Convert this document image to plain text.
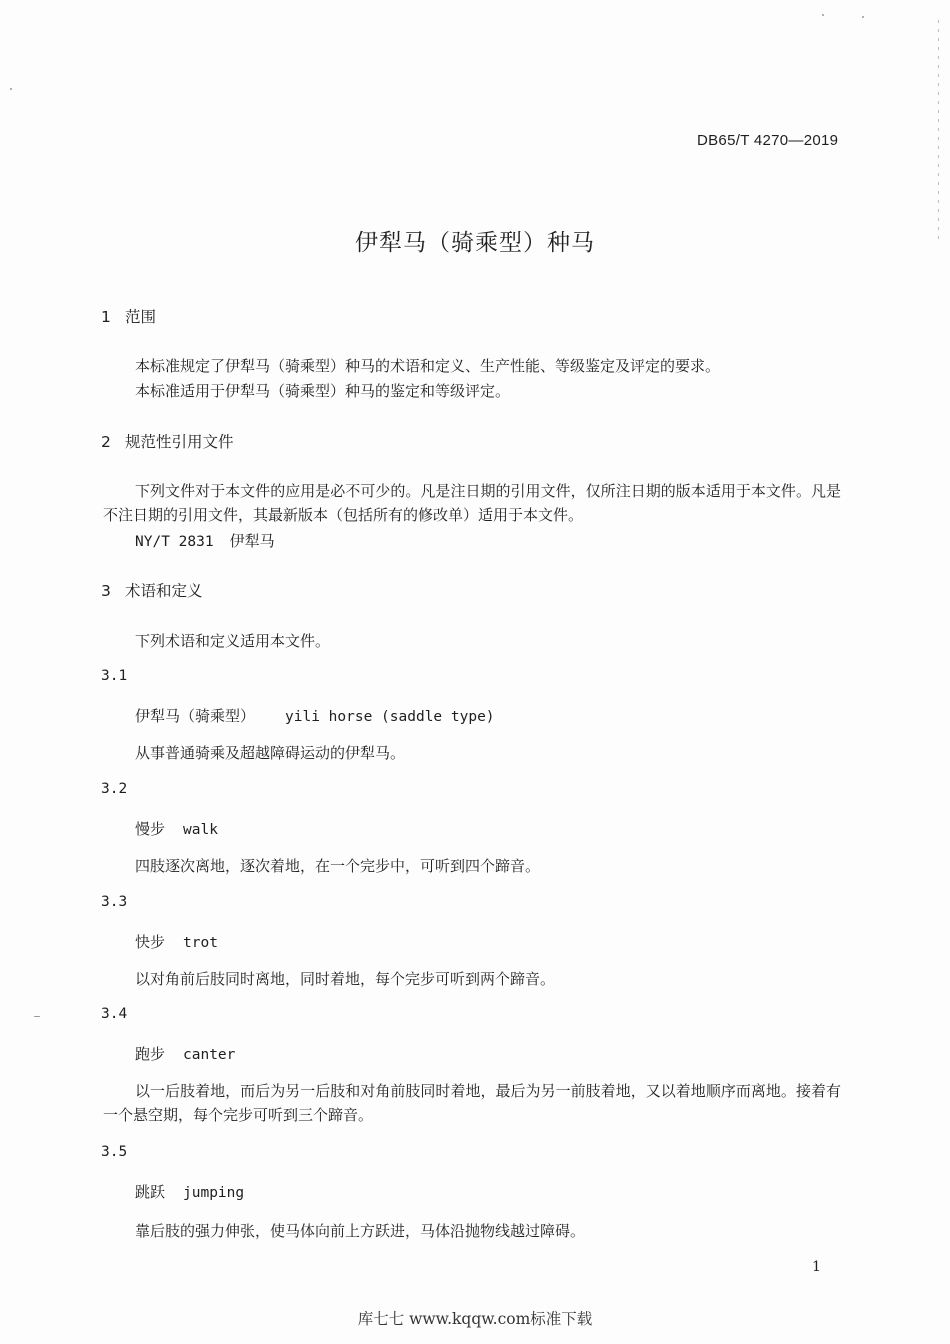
DB65/T 4270—2019
伊犁马（骑乘型）种马
1 范围
本标准规定了伊犁马（骑乘型）种马的术语和定义、生产性能、等级鉴定及评定的要求。
本标准适用于伊犁马（骑乘型）种马的鉴定和等级评定。
2 规范性引用文件
下列文件对于本文件的应用是必不可少的。凡是注日期的引用文件，仅所注日期的版本适用于本文件。凡是不注日期的引用文件，其最新版本（包括所有的修改单）适用于本文件。
NY/T 2831 伊犁马
3 术语和定义
下列术语和定义适用本文件。
3.1
伊犁马（骑乘型） yili horse (saddle type)
从事普通骑乘及超越障碍运动的伊犁马。
3.2
慢步 walk
四肢逐次离地，逐次着地，在一个完步中，可听到四个蹄音。
3.3
快步 trot
以对角前后肢同时离地，同时着地，每个完步可听到两个蹄音。
3.4
跑步 canter
以一后肢着地，而后为另一后肢和对角前肢同时着地，最后为另一前肢着地，又以着地顺序而离地。接着有一个悬空期，每个完步可听到三个蹄音。
3.5
跳跃 jumping
靠后肢的强力伸张，使马体向前上方跃进，马体沿抛物线越过障碍。
1
库七七 www.kqqw.com标准下载
